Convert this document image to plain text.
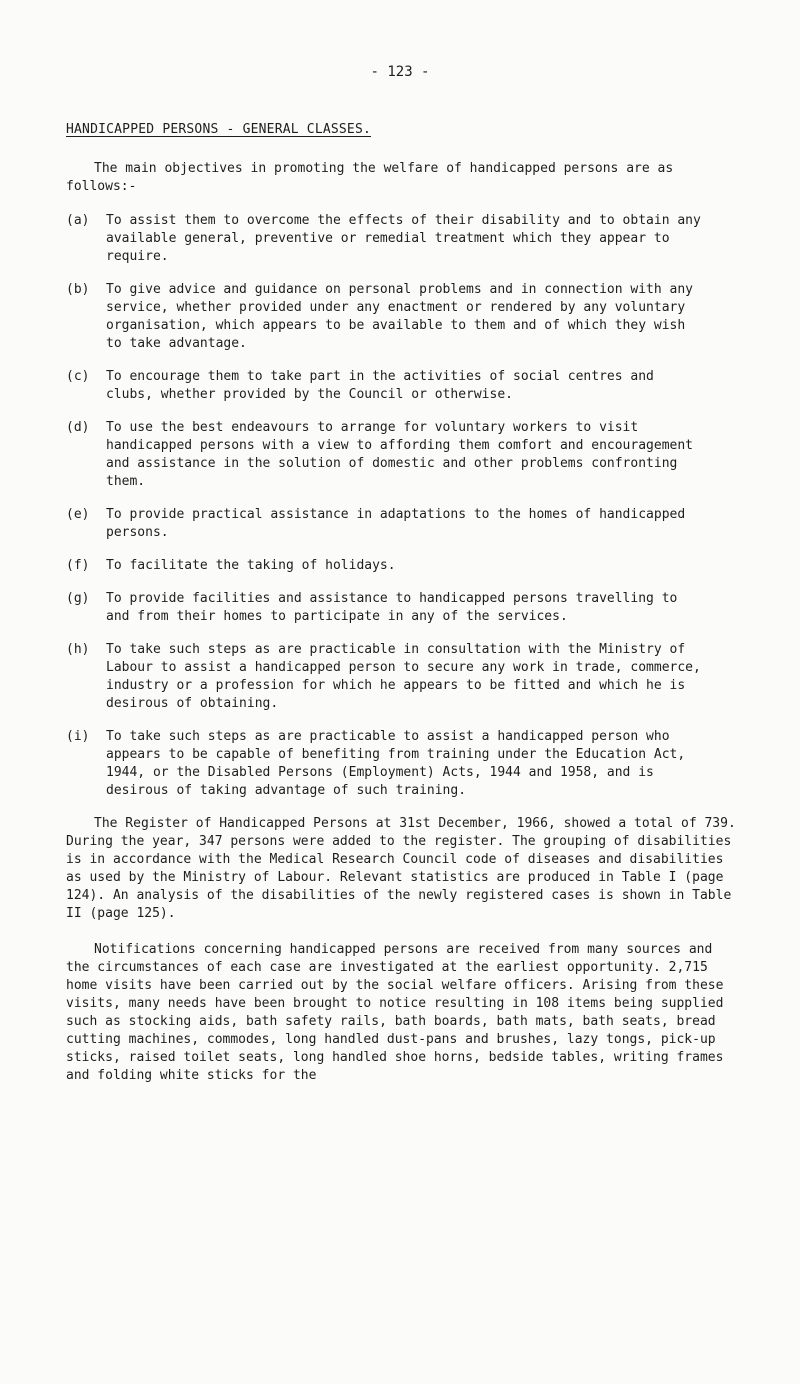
- 123 -
HANDICAPPED PERSONS - GENERAL CLASSES.

The main objectives in promoting the welfare of handicapped persons are as follows:-

(a)	To assist them to overcome the effects of their disability and to obtain any available general, preventive or remedial treatment which they appear to require.
(b)	To give advice and guidance on personal problems and in connection with any service, whether provided under any enactment or rendered by any voluntary organisation, which appears to be available to them and of which they wish to take advantage.
(c)	To encourage them to take part in the activities of social centres and clubs, whether provided by the Council or otherwise.
(d)	To use the best endeavours to arrange for voluntary workers to visit handicapped persons with a view to affording them comfort and encouragement and assistance in the solution of domestic and other problems confronting them.
(e)	To provide practical assistance in adaptations to the homes of handicapped persons.
(f)	To facilitate the taking of holidays.
(g)	To provide facilities and assistance to handicapped persons travelling to and from their homes to participate in any of the services.
(h)	To take such steps as are practicable in consultation with the Ministry of Labour to assist a handicapped person to secure any work in trade, commerce, industry or a profession for which he appears to be fitted and which he is desirous of obtaining.
(i)	To take such steps as are practicable to assist a handicapped person who appears to be capable of benefiting from training under the Education Act, 1944, or the Disabled Persons (Employment) Acts, 1944 and 1958, and is desirous of taking advantage of such training.

The Register of Handicapped Persons at 31st December, 1966, showed a total of 739. During the year, 347 persons were added to the register. The grouping of disabilities is in accordance with the Medical Research Council code of diseases and disabilities as used by the Ministry of Labour. Relevant statistics are produced in Table I (page 124). An analysis of the disabilities of the newly registered cases is shown in Table II (page 125).

Notifications concerning handicapped persons are received from many sources and the circumstances of each case are investigated at the earliest opportunity. 2,715 home visits have been carried out by the social welfare officers. Arising from these visits, many needs have been brought to notice resulting in 108 items being supplied such as stocking aids, bath safety rails, bath boards, bath mats, bath seats, bread cutting machines, commodes, long handled dust-pans and brushes, lazy tongs, pick-up sticks, raised toilet seats, long handled shoe horns, bedside tables, writing frames and folding white sticks for the
